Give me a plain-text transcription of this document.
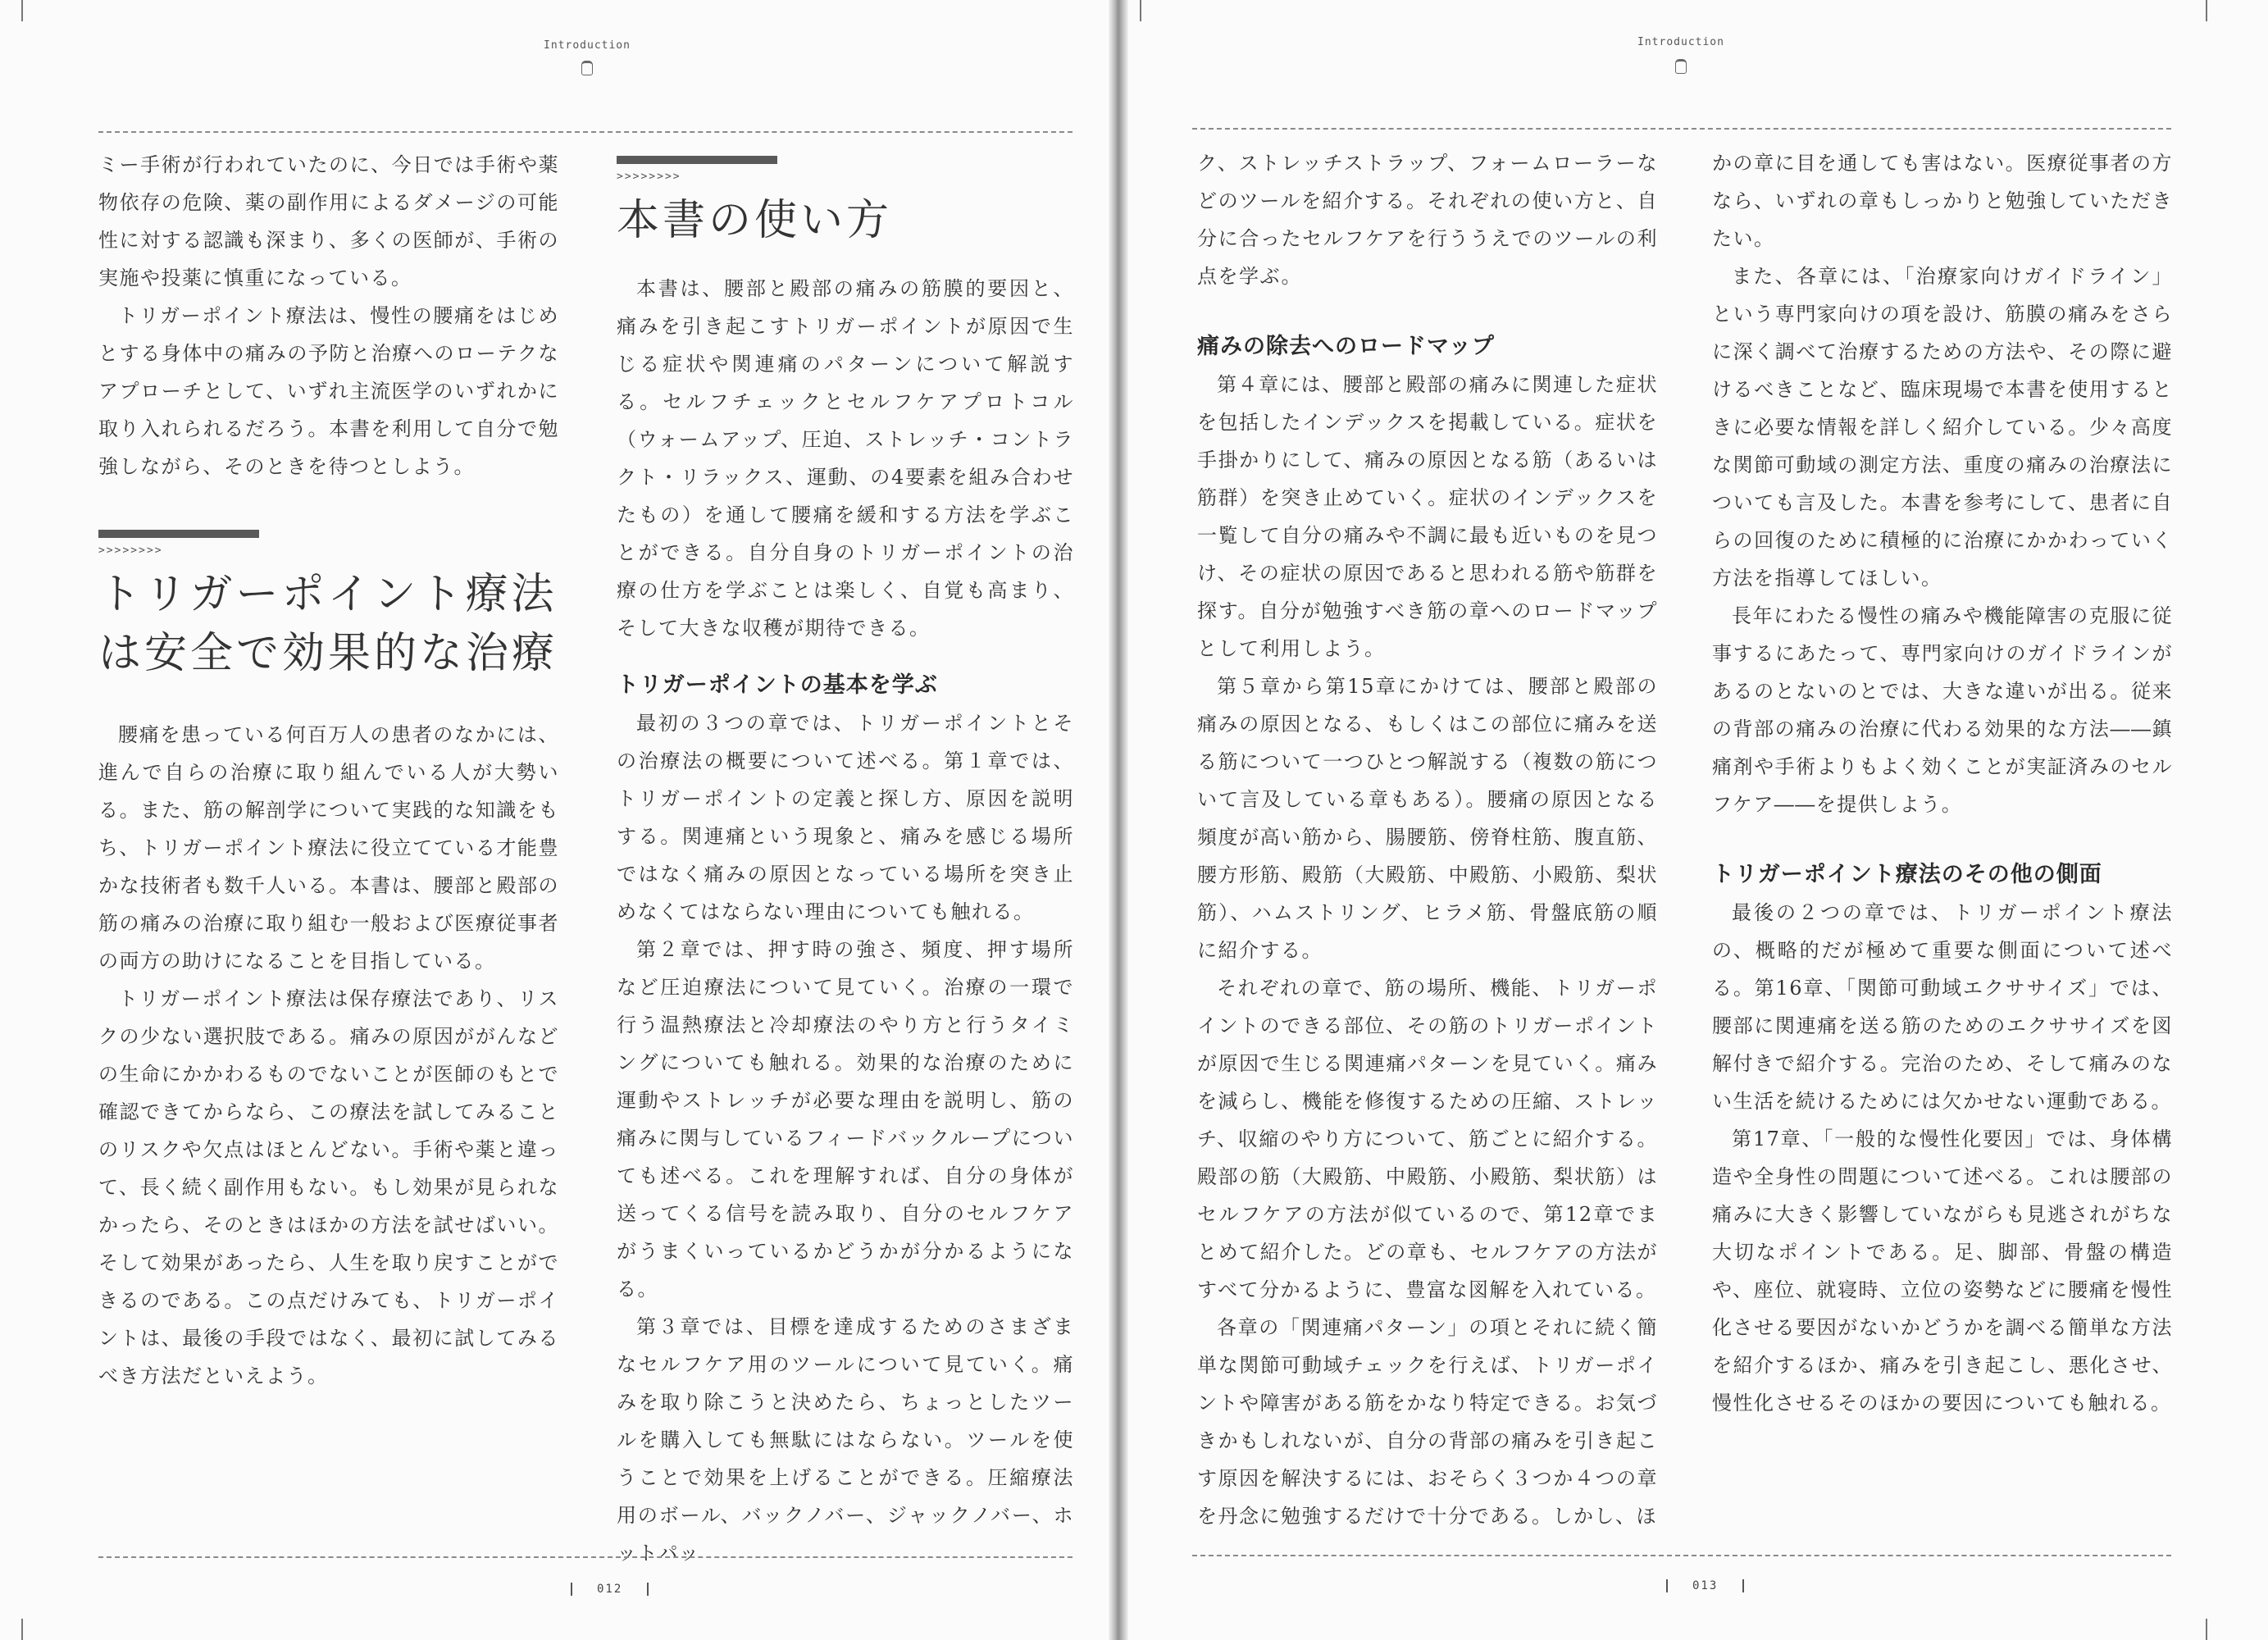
Introduction

ミー手術が行われていたのに、今日では手術や薬物依存の危険、薬の副作用によるダメージの可能性に対する認識も深まり、多くの医師が、手術の実施や投薬に慎重になっている。

トリガーポイント療法は、慢性の腰痛をはじめとする身体中の痛みの予防と治療へのローテクなアプローチとして、いずれ主流医学のいずれかに取り入れられるだろう。本書を利用して自分で勉強しながら、そのときを待つとしよう。

>>>>>>>>
トリガーポイント療法
は安全で効果的な治療

腰痛を患っている何百万人の患者のなかには、進んで自らの治療に取り組んでいる人が大勢いる。また、筋の解剖学について実践的な知識をもち、トリガーポイント療法に役立てている才能豊かな技術者も数千人いる。本書は、腰部と殿部の筋の痛みの治療に取り組む一般および医療従事者の両方の助けになることを目指している。

トリガーポイント療法は保存療法であり、リスクの少ない選択肢である。痛みの原因ががんなどの生命にかかわるものでないことが医師のもとで確認できてからなら、この療法を試してみることのリスクや欠点はほとんどない。手術や薬と違って、長く続く副作用もない。もし効果が見られなかったら、そのときはほかの方法を試せばいい。そして効果があったら、人生を取り戻すことができるのである。この点だけみても、トリガーポイントは、最後の手段ではなく、最初に試してみるべき方法だといえよう。

>>>>>>>>
本書の使い方

本書は、腰部と殿部の痛みの筋膜的要因と、痛みを引き起こすトリガーポイントが原因で生じる症状や関連痛のパターンについて解説する。セルフチェックとセルフケアプロトコル（ウォームアップ、圧迫、ストレッチ・コントラクト・リラックス、運動、の4要素を組み合わせたもの）を通して腰痛を緩和する方法を学ぶことができる。自分自身のトリガーポイントの治療の仕方を学ぶことは楽しく、自覚も高まり、そして大きな収穫が期待できる。

トリガーポイントの基本を学ぶ

最初の３つの章では、トリガーポイントとその治療法の概要について述べる。第１章では、トリガーポイントの定義と探し方、原因を説明する。関連痛という現象と、痛みを感じる場所ではなく痛みの原因となっている場所を突き止めなくてはならない理由についても触れる。

第２章では、押す時の強さ、頻度、押す場所など圧迫療法について見ていく。治療の一環で行う温熱療法と冷却療法のやり方と行うタイミングについても触れる。効果的な治療のために運動やストレッチが必要な理由を説明し、筋の痛みに関与しているフィードバックループについても述べる。これを理解すれば、自分の身体が送ってくる信号を読み取り、自分のセルフケアがうまくいっているかどうかが分かるようになる。

第３章では、目標を達成するためのさまざまなセルフケア用のツールについて見ていく。痛みを取り除こうと決めたら、ちょっとしたツールを購入しても無駄にはならない。ツールを使うことで効果を上げることができる。圧縮療法用のボール、バックノバー、ジャックノバー、ホットパッ

012
Introduction

ク、ストレッチストラップ、フォームローラーなどのツールを紹介する。それぞれの使い方と、自分に合ったセルフケアを行ううえでのツールの利点を学ぶ。

痛みの除去へのロードマップ

第４章には、腰部と殿部の痛みに関連した症状を包括したインデックスを掲載している。症状を手掛かりにして、痛みの原因となる筋（あるいは筋群）を突き止めていく。症状のインデックスを一覧して自分の痛みや不調に最も近いものを見つけ、その症状の原因であると思われる筋や筋群を探す。自分が勉強すべき筋の章へのロードマップとして利用しよう。

第５章から第15章にかけては、腰部と殿部の痛みの原因となる、もしくはこの部位に痛みを送る筋について一つひとつ解説する（複数の筋について言及している章もある）。腰痛の原因となる頻度が高い筋から、腸腰筋、傍脊柱筋、腹直筋、腰方形筋、殿筋（大殿筋、中殿筋、小殿筋、梨状筋）、ハムストリング、ヒラメ筋、骨盤底筋の順に紹介する。

それぞれの章で、筋の場所、機能、トリガーポイントのできる部位、その筋のトリガーポイントが原因で生じる関連痛パターンを見ていく。痛みを減らし、機能を修復するための圧縮、ストレッチ、収縮のやり方について、筋ごとに紹介する。殿部の筋（大殿筋、中殿筋、小殿筋、梨状筋）はセルフケアの方法が似ているので、第12章でまとめて紹介した。どの章も、セルフケアの方法がすべて分かるように、豊富な図解を入れている。

各章の「関連痛パターン」の項とそれに続く簡単な関節可動域チェックを行えば、トリガーポイントや障害がある筋をかなり特定できる。お気づきかもしれないが、自分の背部の痛みを引き起こす原因を解決するには、おそらく３つか４つの章を丹念に勉強するだけで十分である。しかし、ほ

かの章に目を通しても害はない。医療従事者の方なら、いずれの章もしっかりと勉強していただきたい。

また、各章には、「治療家向けガイドライン」という専門家向けの項を設け、筋膜の痛みをさらに深く調べて治療するための方法や、その際に避けるべきことなど、臨床現場で本書を使用するときに必要な情報を詳しく紹介している。少々高度な関節可動域の測定方法、重度の痛みの治療法についても言及した。本書を参考にして、患者に自らの回復のために積極的に治療にかかわっていく方法を指導してほしい。

長年にわたる慢性の痛みや機能障害の克服に従事するにあたって、専門家向けのガイドラインがあるのとないのとでは、大きな違いが出る。従来の背部の痛みの治療に代わる効果的な方法――鎮痛剤や手術よりもよく効くことが実証済みのセルフケア――を提供しよう。

トリガーポイント療法のその他の側面

最後の２つの章では、トリガーポイント療法の、概略的だが極めて重要な側面について述べる。第16章、「関節可動域エクササイズ」では、腰部に関連痛を送る筋のためのエクササイズを図解付きで紹介する。完治のため、そして痛みのない生活を続けるためには欠かせない運動である。

第17章、「一般的な慢性化要因」では、身体構造や全身性の問題について述べる。これは腰部の痛みに大きく影響していながらも見逃されがちな大切なポイントである。足、脚部、骨盤の構造や、座位、就寝時、立位の姿勢などに腰痛を慢性化させる要因がないかどうかを調べる簡単な方法を紹介するほか、痛みを引き起こし、悪化させ、慢性化させるそのほかの要因についても触れる。

013
